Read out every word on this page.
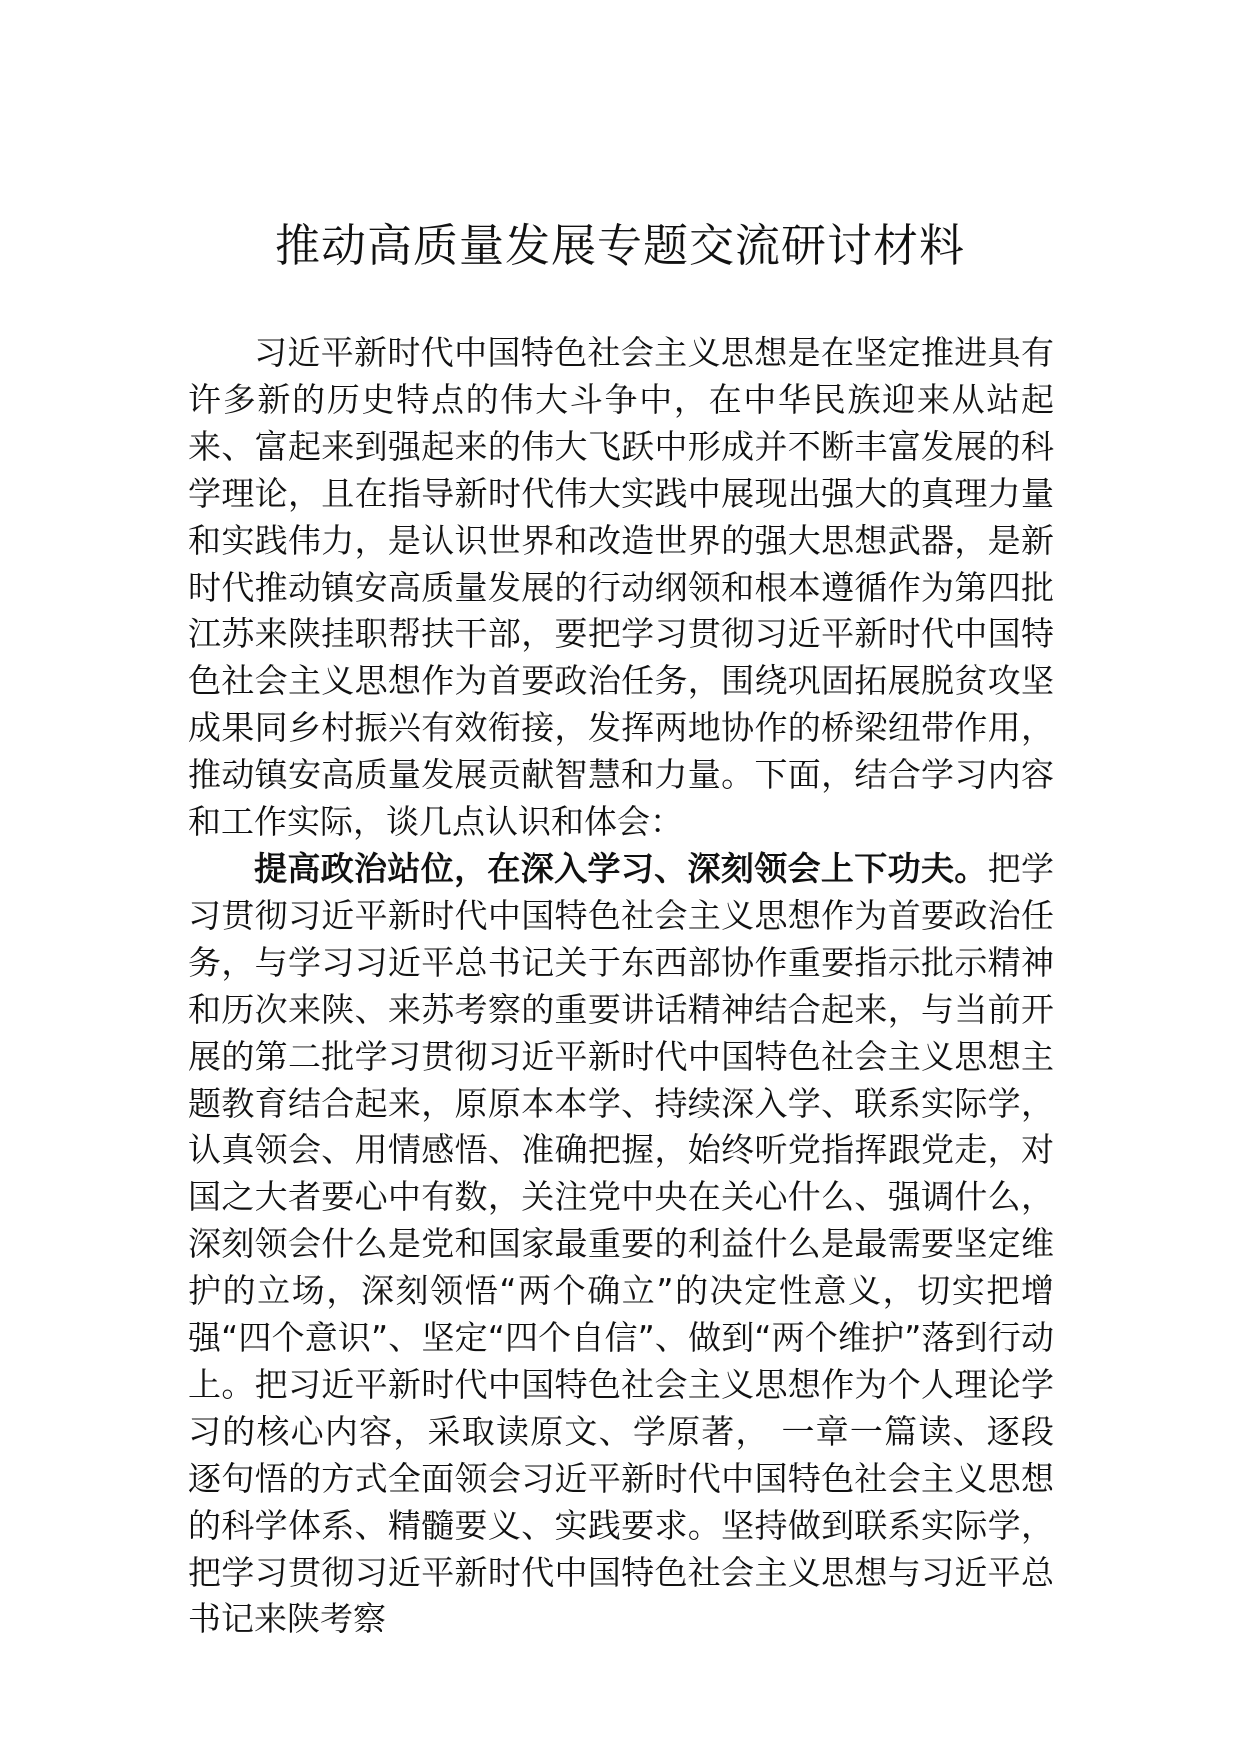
推动高质量发展专题交流研讨材料

习近平新时代中国特色社会主义思想是在坚定推进具有许多新的历史特点的伟大斗争中，在中华民族迎来从站起来、富起来到强起来的伟大飞跃中形成并不断丰富发展的科学理论，且在指导新时代伟大实践中展现出强大的真理力量和实践伟力，是认识世界和改造世界的强大思想武器，是新时代推动镇安高质量发展的行动纲领和根本遵循作为第四批江苏来陕挂职帮扶干部，要把学习贯彻习近平新时代中国特色社会主义思想作为首要政治任务，围绕巩固拓展脱贫攻坚成果同乡村振兴有效衔接，发挥两地协作的桥梁纽带作用，推动镇安高质量发展贡献智慧和力量。下面，结合学习内容和工作实际，谈几点认识和体会：

提高政治站位，在深入学习、深刻领会上下功夫。把学习贯彻习近平新时代中国特色社会主义思想作为首要政治任务，与学习习近平总书记关于东西部协作重要指示批示精神和历次来陕、来苏考察的重要讲话精神结合起来，与当前开展的第二批学习贯彻习近平新时代中国特色社会主义思想主题教育结合起来，原原本本学、持续深入学、联系实际学，认真领会、用情感悟、准确把握，始终听党指挥跟党走，对国之大者要心中有数，关注党中央在关心什么、强调什么，深刻领会什么是党和国家最重要的利益什么是最需要坚定维护的立场，深刻领悟“两个确立”的决定性意义，切实把增强“四个意识”、坚定“四个自信”、做到“两个维护”落到行动上。把习近平新时代中国特色社会主义思想作为个人理论学习的核心内容，采取读原文、学原著， 一章一篇读、逐段逐句悟的方式全面领会习近平新时代中国特色社会主义思想的科学体系、精髓要义、实践要求。坚持做到联系实际学，把学习贯彻习近平新时代中国特色社会主义思想与习近平总书记来陕考察
